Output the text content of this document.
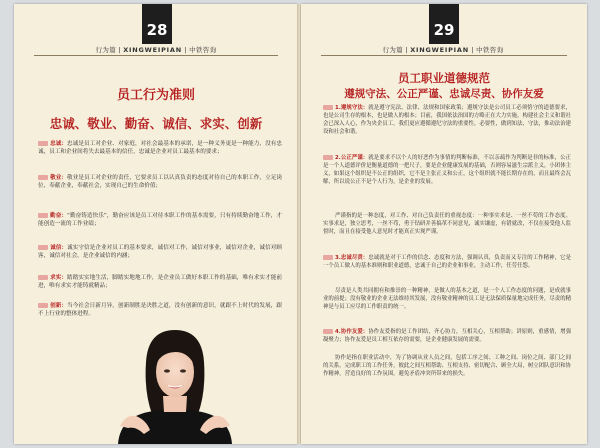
28
行为篇 | XINGWEIPIAN | 中铁咨询
员工行为准则
忠诚、敬业、勤奋、诚信、求实、创新
忠诚：忠诚是员工对企业、对家庭，对社会最基本的承诺，是一种义务更是一种能力，没有忠诚，员工和企业间将失去最基本的信任，忠诚是企业对员工最基本的要求；
敬业：敬业是员工对企业的责任，它要求员工以认真负责的态度对待自己的本职工作，立足岗位，奉献企业，奉献社会，实现自己的生命价值；
勤奋：“勤奋铸造快乐”，勤奋应该是员工对待本职工作的基本需要，只有持续勤奋地工作，才能创造一流的工作业绩；
诚信：诚实守信是企业对员工的基本要求，诚信对工作，诚信对事业，诚信对企业，诚信对顾客，诚信对社会，是企业诚信的内涵；
求实：踏踏实实地生活，脚踏实地地工作，是企业员工做好本职工作的基础，唯有求实才能前进，唯有求实才能铸就精品；
创新：当今社会日新月异，创新制胜是决胜之道，没有创新的意识，就跟不上时代的发展，跟不上行业的整体进程。
29
行为篇 | XINGWEIPIAN | 中铁咨询
员工职业道德规范
遵规守法、公正严谨、忠诚尽责、协作友爱
1.遵规守法：就是遵守宪法、法律、法规和国家政策；遵规守法是公司员工必须恪守的道德要求，也是公司生存的根本，也是做人的根本；目前，我国依法治国的方略正在大力实施，构建社会主义和谐社会已深入人心，作为央企员工，我们更应遵循遵纪守法的重要性，必要性，做到知法、守法，推动法治建设和社会和谐。
2.公正严谨：就是要求不以个人的好恶作为事情的判断标准，不以亲疏作为判断是非的标准，公正是一个人道德评价是衡量道德的一把尺子，要是企业健康发展的基础，否则容易滋生宗派主义，小团体主义，如果这个组织是不公正的组织，它不是主张正义和公正，这个组织就不能长期存在的，而且最终会瓦解，所以说公正不是个人行为，是企业的发展。
严谨指的是一种态度，对工作、对自己负责任的重视态度：一种事实求是、一丝不苟的工作态度。实事求是，独立思考，一丝不苟，勇于钻研并善搞革不同意见，诚实谦虚，有错就改，不仅在接受他人监督时，而且在接受他人意见时才能真正实现严谨。
3.忠诚尽责：忠诚就是对于工作的信念、态度和方法，强调认真，负责而又专注的工作精神，它是一个员工做人的基本准则和职业道德，忠诚于自己的企业和事业，主动工作，任劳任怨。
尽责是人类共同拥有和推崇的一种精神，是做人的基本之道，是一个人工作态度的问题，是成就事业的前提；没有敬业的企业无法维持其发展，没有敬业精神的员工是无法保质保量地完成任务，尽责的精神是与员工应尽的工作职责的统一。
4.协作友爱：协作友爱指的是工作团结，齐心协力，互相关心，互相帮助；讲原则，重感情，增强凝聚力；协作友爱是员工相互依存的需要，是企业健康发展的需要。
协作是指在职业活动中，为了协调从业人员之间，包括工序之间、工种之间、岗位之间、部门之间的关系，完成职工的工作任务，彼此之间互相帮助、互相支持、密切配合、顾全大局，树立团队意识和协作精神，营造良好的工作氛围，避免矛盾冲突所带来的损失。
